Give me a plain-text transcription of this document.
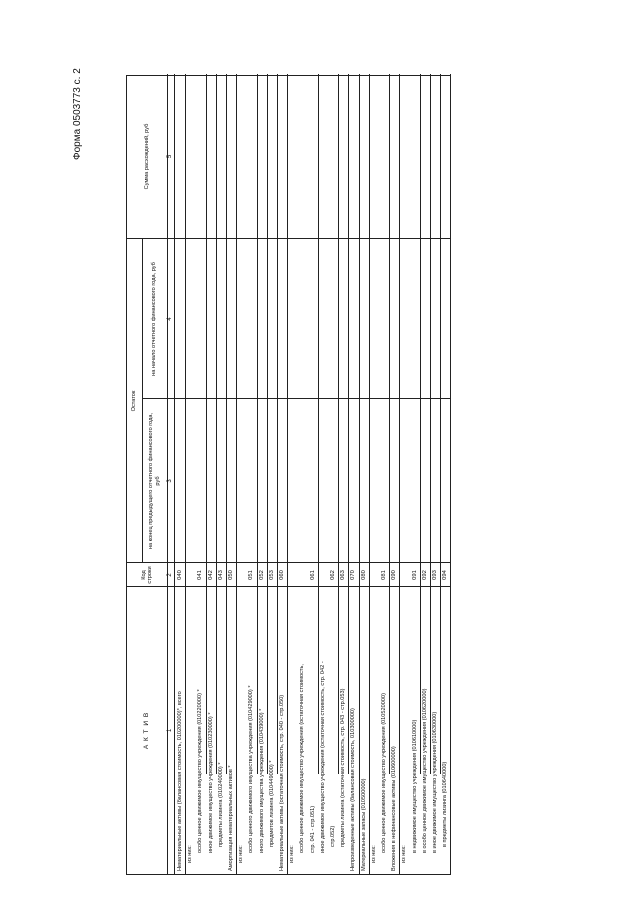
Форма 0503773 с. 2
А К Т И В
Код строки
Остаток
на конец предыдущего отчетного финансового года, руб
на начало отчетного финансового года, руб
Сумма расхождений, руб
1
2
3
4
5
Нематериальные активы (балансовая стоимость, 010200000)*, всего
040
из них:
особо ценное движимое имущество учреждения (010220000) *
041
иное движимое имущество учреждения (010230000) *
042
предметы лизинга (010240000) *
043
Амортизация нематериальных активов *
050
из них:
особо ценного движимого имущества учреждения (010429000) *
051
иного движимого имущества учреждения (010439000) *
052
предметов лизинга (010449000) *
053
Нематериальные активы (остаточная стоимость, стр. 040 - стр.050)
060
из них:
особо ценное движимое имущество учреждения (остаточная стоимость, стр. 041 - стр.051)
061
иное движимое имущество учреждения (остаточная стоимость, стр. 042 - стр.052)
062
предметы лизинга (остаточная стоимость, стр. 043 - стр.053)
063
Непроизведенные активы (балансовая стоимость, 010300000)
070
Материальные запасы (010500000)
080
из них:
особо ценное движимое имущество учреждения (010520000)
081
Вложения в нефинансовые активы (010600000)
090
из них:
в недвижимое имущество учреждения (010610000)
091
в особо ценное движимое имущество учреждения (010620000)
092
в иное движимое имущество учреждения (010630000)
093
в предметы лизинга (010640000)
094
